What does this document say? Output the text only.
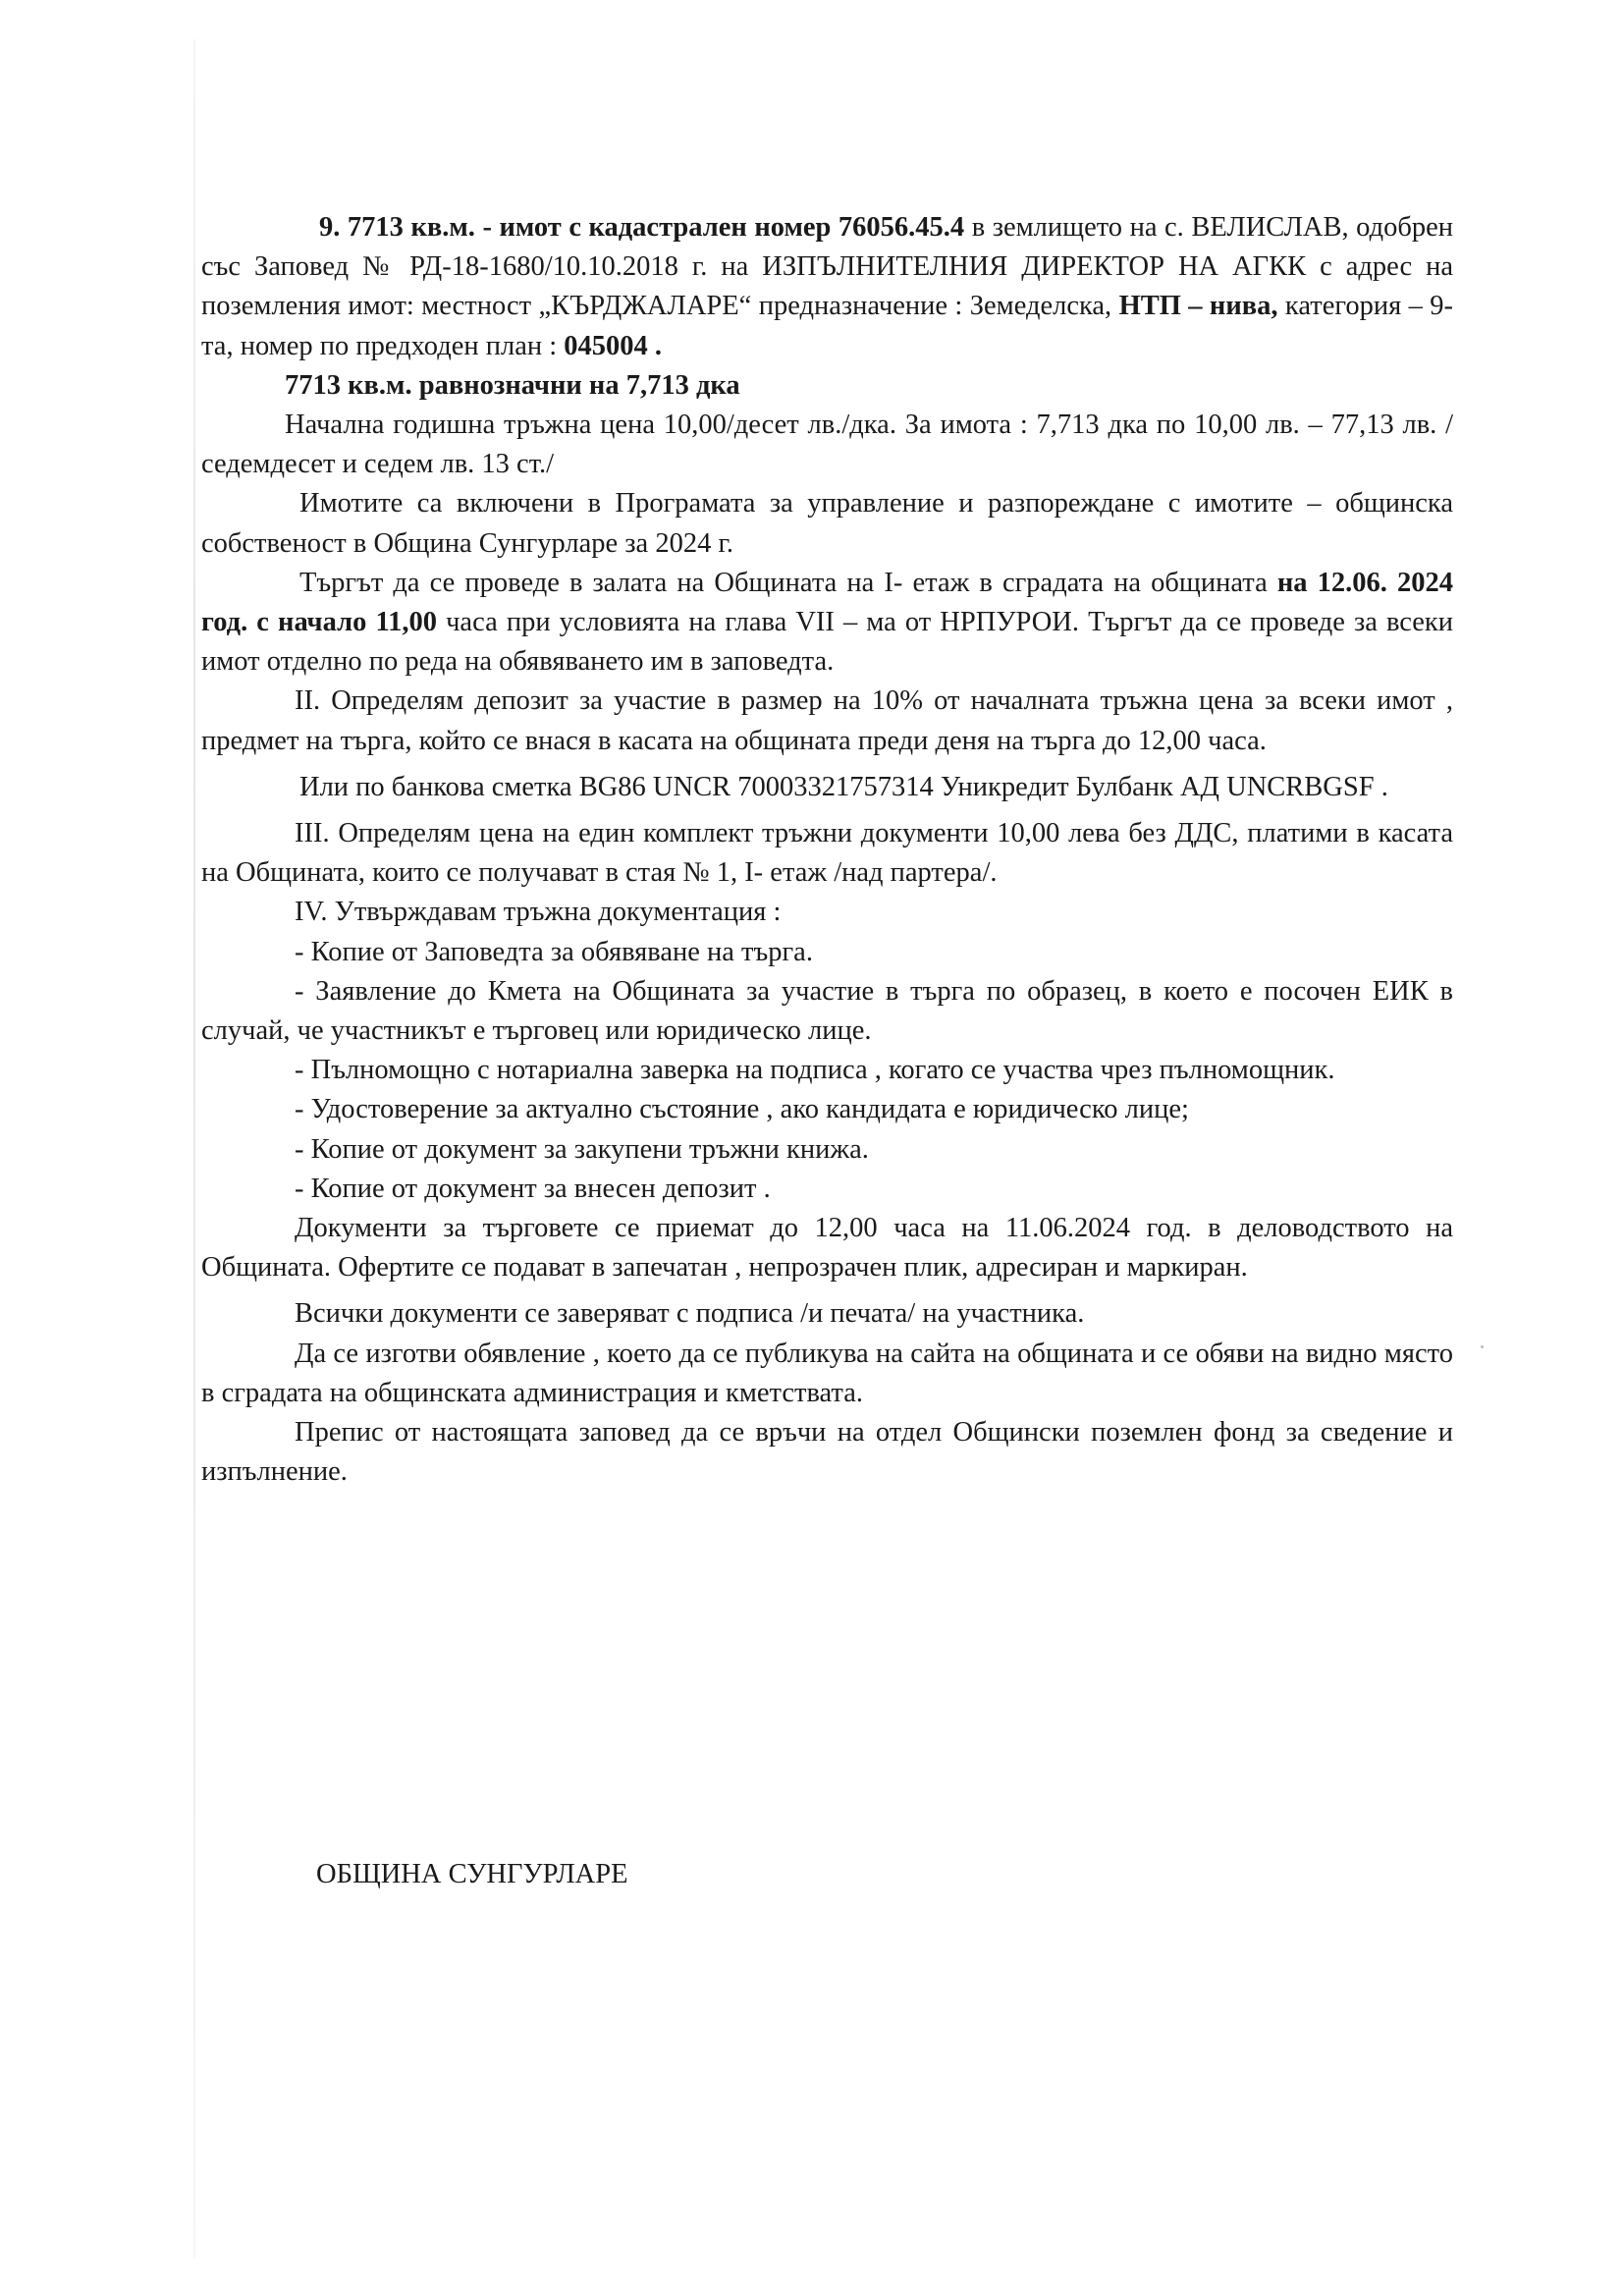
9. 7713 кв.м. - имот с кадастрален номер 76056.45.4 в землището на с. ВЕЛИСЛАВ, одобрен със Заповед № РД-18-1680/10.10.2018 г. на ИЗПЪЛНИТЕЛНИЯ ДИРЕКТОР НА АГКК с адрес на поземления имот: местност „КЪРДЖАЛАРЕ“ предназначение : Земеделска, НТП – нива, категория – 9-та, номер по предходен план : 045004 .

7713 кв.м. равнозначни на 7,713 дка

Начална годишна тръжна цена 10,00/десет лв./дка. За имота : 7,713 дка по 10,00 лв. – 77,13 лв. / седемдесет и седем лв. 13 ст./

Имотите са включени в Програмата за управление и разпореждане с имотите – общинска собственост в Община Сунгурларе за 2024 г.

Търгът да се проведе в залата на Общината на I- етаж в сградата на общината на 12.06. 2024 год. с начало 11,00 часа при условията на глава VII – ма от НРПУРОИ. Търгът да се проведе за всеки имот отделно по реда на обявяването им в заповедта.

II. Определям депозит за участие в размер на 10% от началната тръжна цена за всеки имот , предмет на търга, който се внася в касата на общината преди деня на търга до 12,00 часа.

Или по банкова сметка BG86 UNCR 70003321757314 Уникредит Булбанк АД UNCRBGSF .

III. Определям цена на един комплект тръжни документи 10,00 лева без ДДС, платими в касата на Общината, които се получават в стая № 1, I- етаж /над партера/.

IV. Утвърждавам тръжна документация :

- Копие от Заповедта за обявяване на търга.

- Заявление до Кмета на Общината за участие в търга по образец, в което е посочен ЕИК в случай, че участникът е търговец или юридическо лице.

- Пълномощно с нотариална заверка на подписа , когато се участва чрез пълномощник.

- Удостоверение за актуално състояние , ако кандидата е юридическо лице;

- Копие от документ за закупени тръжни книжа.

- Копие от документ за внесен депозит .

Документи за търговете се приемат до 12,00 часа на 11.06.2024 год. в деловодството на Общината. Офертите се подават в запечатан , непрозрачен плик, адресиран и маркиран.

Всички документи се заверяват с подписа /и печата/ на участника.

Да се изготви обявление , което да се публикува на сайта на общината и се обяви на видно място в сградата на общинската администрация и кметствата.

Препис от настоящата заповед да се връчи на отдел Общински поземлен фонд за сведение и изпълнение.

ОБЩИНА СУНГУРЛАРЕ
